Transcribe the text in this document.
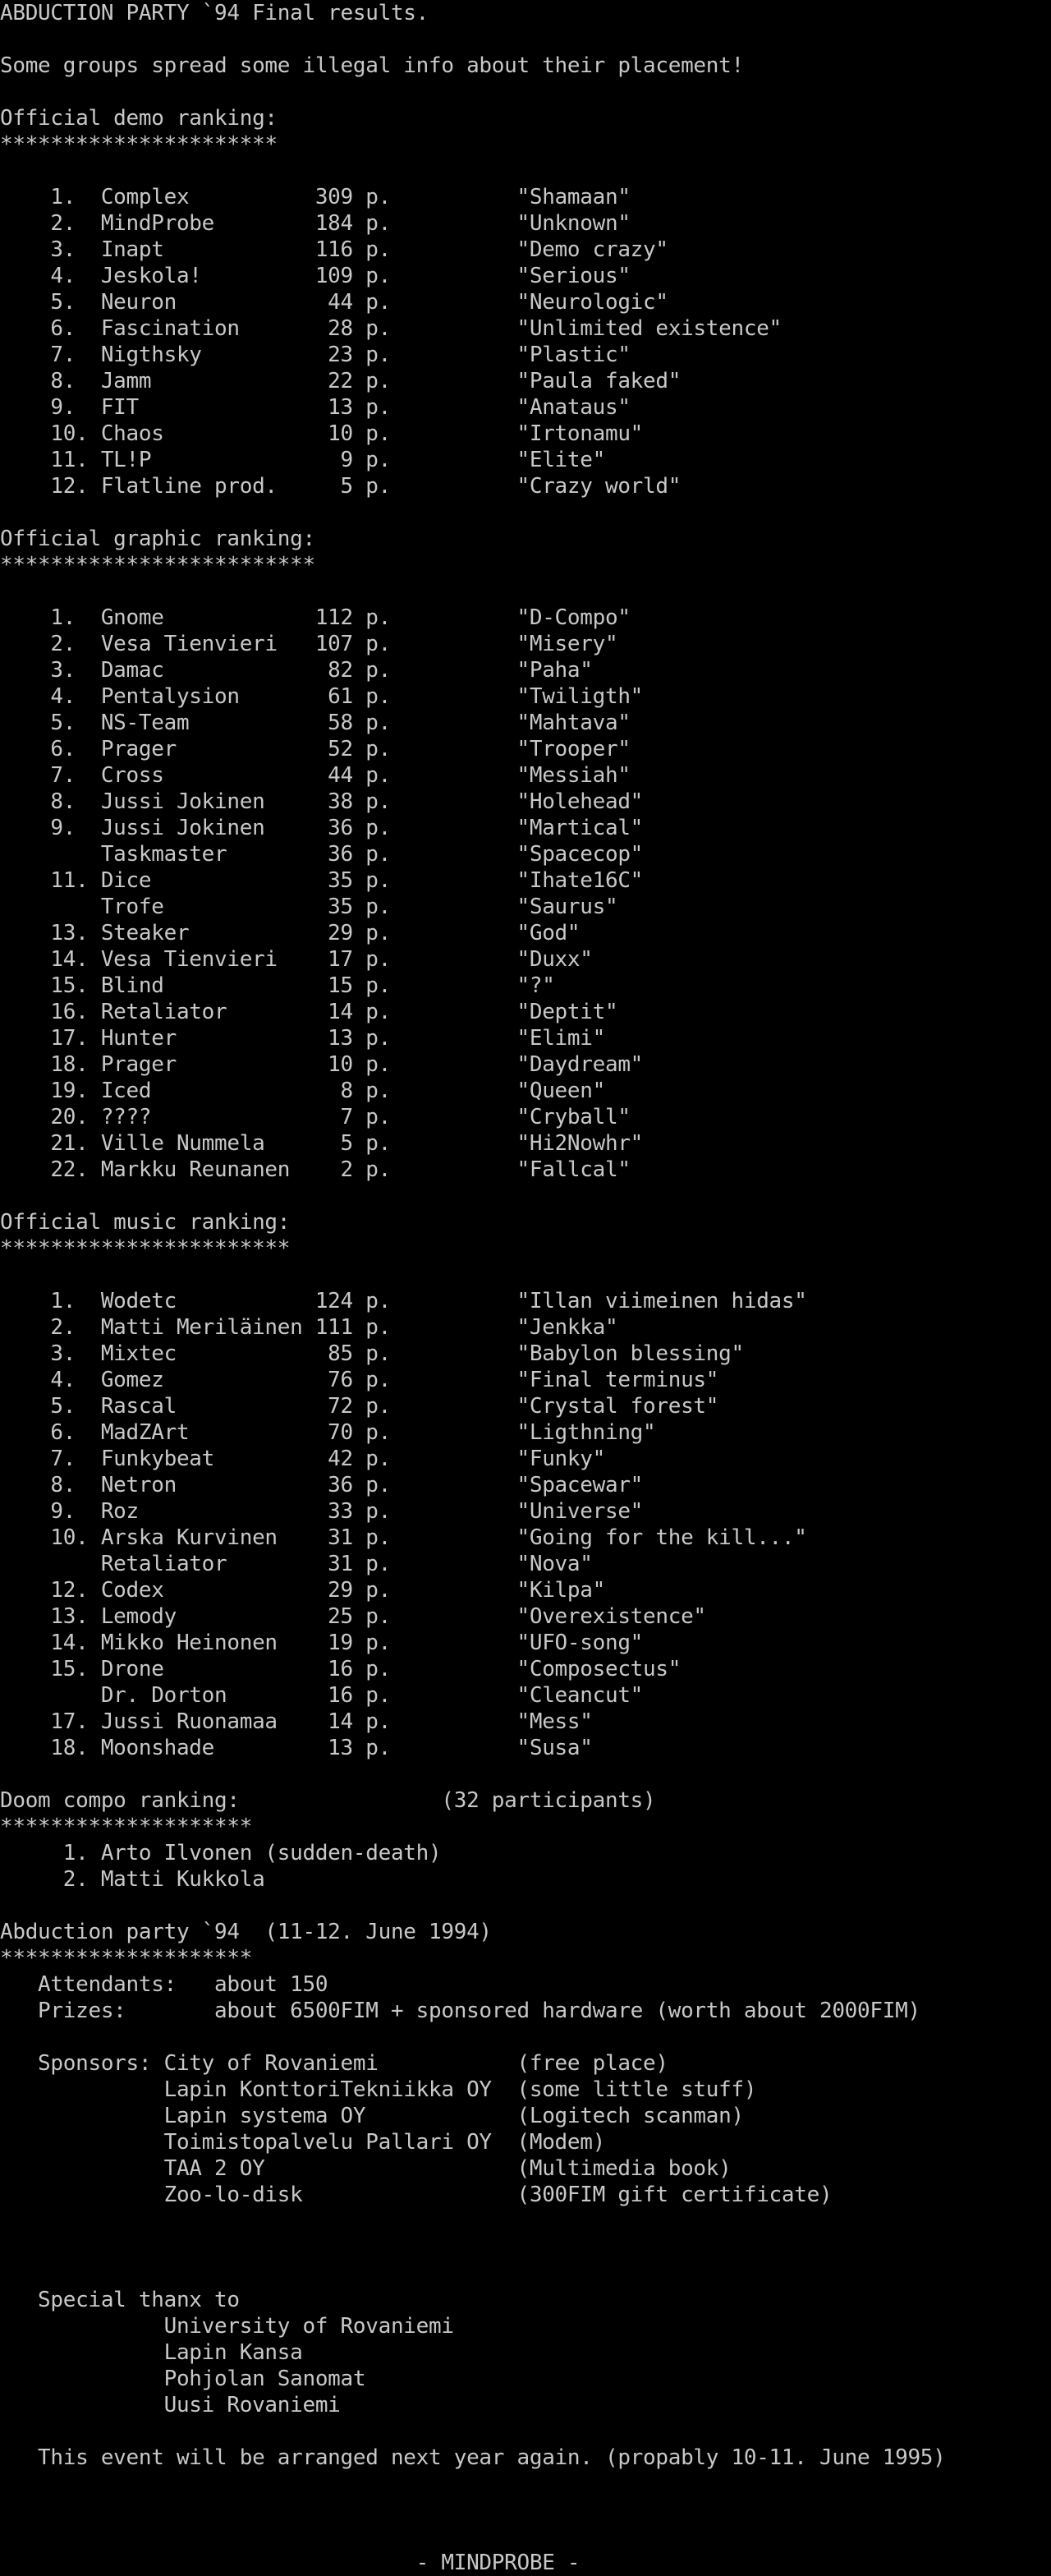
ABDUCTION PARTY `94 Final results.
Some groups spread some illegal info about their placement!
Official demo ranking:
**********************
1.  Complex          309 p.          "Shamaan"
2.  MindProbe        184 p.          "Unknown"
3.  Inapt            116 p.          "Demo crazy"
4.  Jeskola!         109 p.          "Serious"
5.  Neuron            44 p.          "Neurologic"
6.  Fascination       28 p.          "Unlimited existence"
7.  Nigthsky          23 p.          "Plastic"
8.  Jamm              22 p.          "Paula faked"
9.  FIT               13 p.          "Anataus"
10. Chaos             10 p.          "Irtonamu"
11. TL!P               9 p.          "Elite"
12. Flatline prod.     5 p.          "Crazy world"
Official graphic ranking:
*************************
1.  Gnome            112 p.          "D-Compo"
2.  Vesa Tienvieri   107 p.          "Misery"
3.  Damac             82 p.          "Paha"
4.  Pentalysion       61 p.          "Twiligth"
5.  NS-Team           58 p.          "Mahtava"
6.  Prager            52 p.          "Trooper"
7.  Cross             44 p.          "Messiah"
8.  Jussi Jokinen     38 p.          "Holehead"
9.  Jussi Jokinen     36 p.          "Martical"
Taskmaster        36 p.          "Spacecop"
11. Dice              35 p.          "Ihate16C"
Trofe             35 p.          "Saurus"
13. Steaker           29 p.          "God"
14. Vesa Tienvieri    17 p.          "Duxx"
15. Blind             15 p.          "?"
16. Retaliator        14 p.          "Deptit"
17. Hunter            13 p.          "Elimi"
18. Prager            10 p.          "Daydream"
19. Iced               8 p.          "Queen"
20. ????               7 p.          "Cryball"
21. Ville Nummela      5 p.          "Hi2Nowhr"
22. Markku Reunanen    2 p.          "Fallcal"
Official music ranking:
***********************
1.  Wodetc           124 p.          "Illan viimeinen hidas"
2.  Matti Meriläinen 111 p.          "Jenkka"
3.  Mixtec            85 p.          "Babylon blessing"
4.  Gomez             76 p.          "Final terminus"
5.  Rascal            72 p.          "Crystal forest"
6.  MadZArt           70 p.          "Ligthning"
7.  Funkybeat         42 p.          "Funky"
8.  Netron            36 p.          "Spacewar"
9.  Roz               33 p.          "Universe"
10. Arska Kurvinen    31 p.          "Going for the kill..."
Retaliator        31 p.          "Nova"
12. Codex             29 p.          "Kilpa"
13. Lemody            25 p.          "Overexistence"
14. Mikko Heinonen    19 p.          "UFO-song"
15. Drone             16 p.          "Composectus"
Dr. Dorton        16 p.          "Cleancut"
17. Jussi Ruonamaa    14 p.          "Mess"
18. Moonshade         13 p.          "Susa"
Doom compo ranking:                (32 participants)
********************
1. Arto Ilvonen (sudden-death)
2. Matti Kukkola
Abduction party `94  (11-12. June 1994)
********************
Attendants:   about 150
Prizes:       about 6500FIM + sponsored hardware (worth about 2000FIM)
Sponsors: City of Rovaniemi           (free place)
Lapin KonttoriTekniikka OY  (some little stuff)
Lapin systema OY            (Logitech scanman)
Toimistopalvelu Pallari OY  (Modem)
TAA 2 OY                    (Multimedia book)
Zoo-lo-disk                 (300FIM gift certificate)
Special thanx to
University of Rovaniemi
Lapin Kansa
Pohjolan Sanomat
Uusi Rovaniemi
This event will be arranged next year again. (propably 10-11. June 1995)
- MINDPROBE -
